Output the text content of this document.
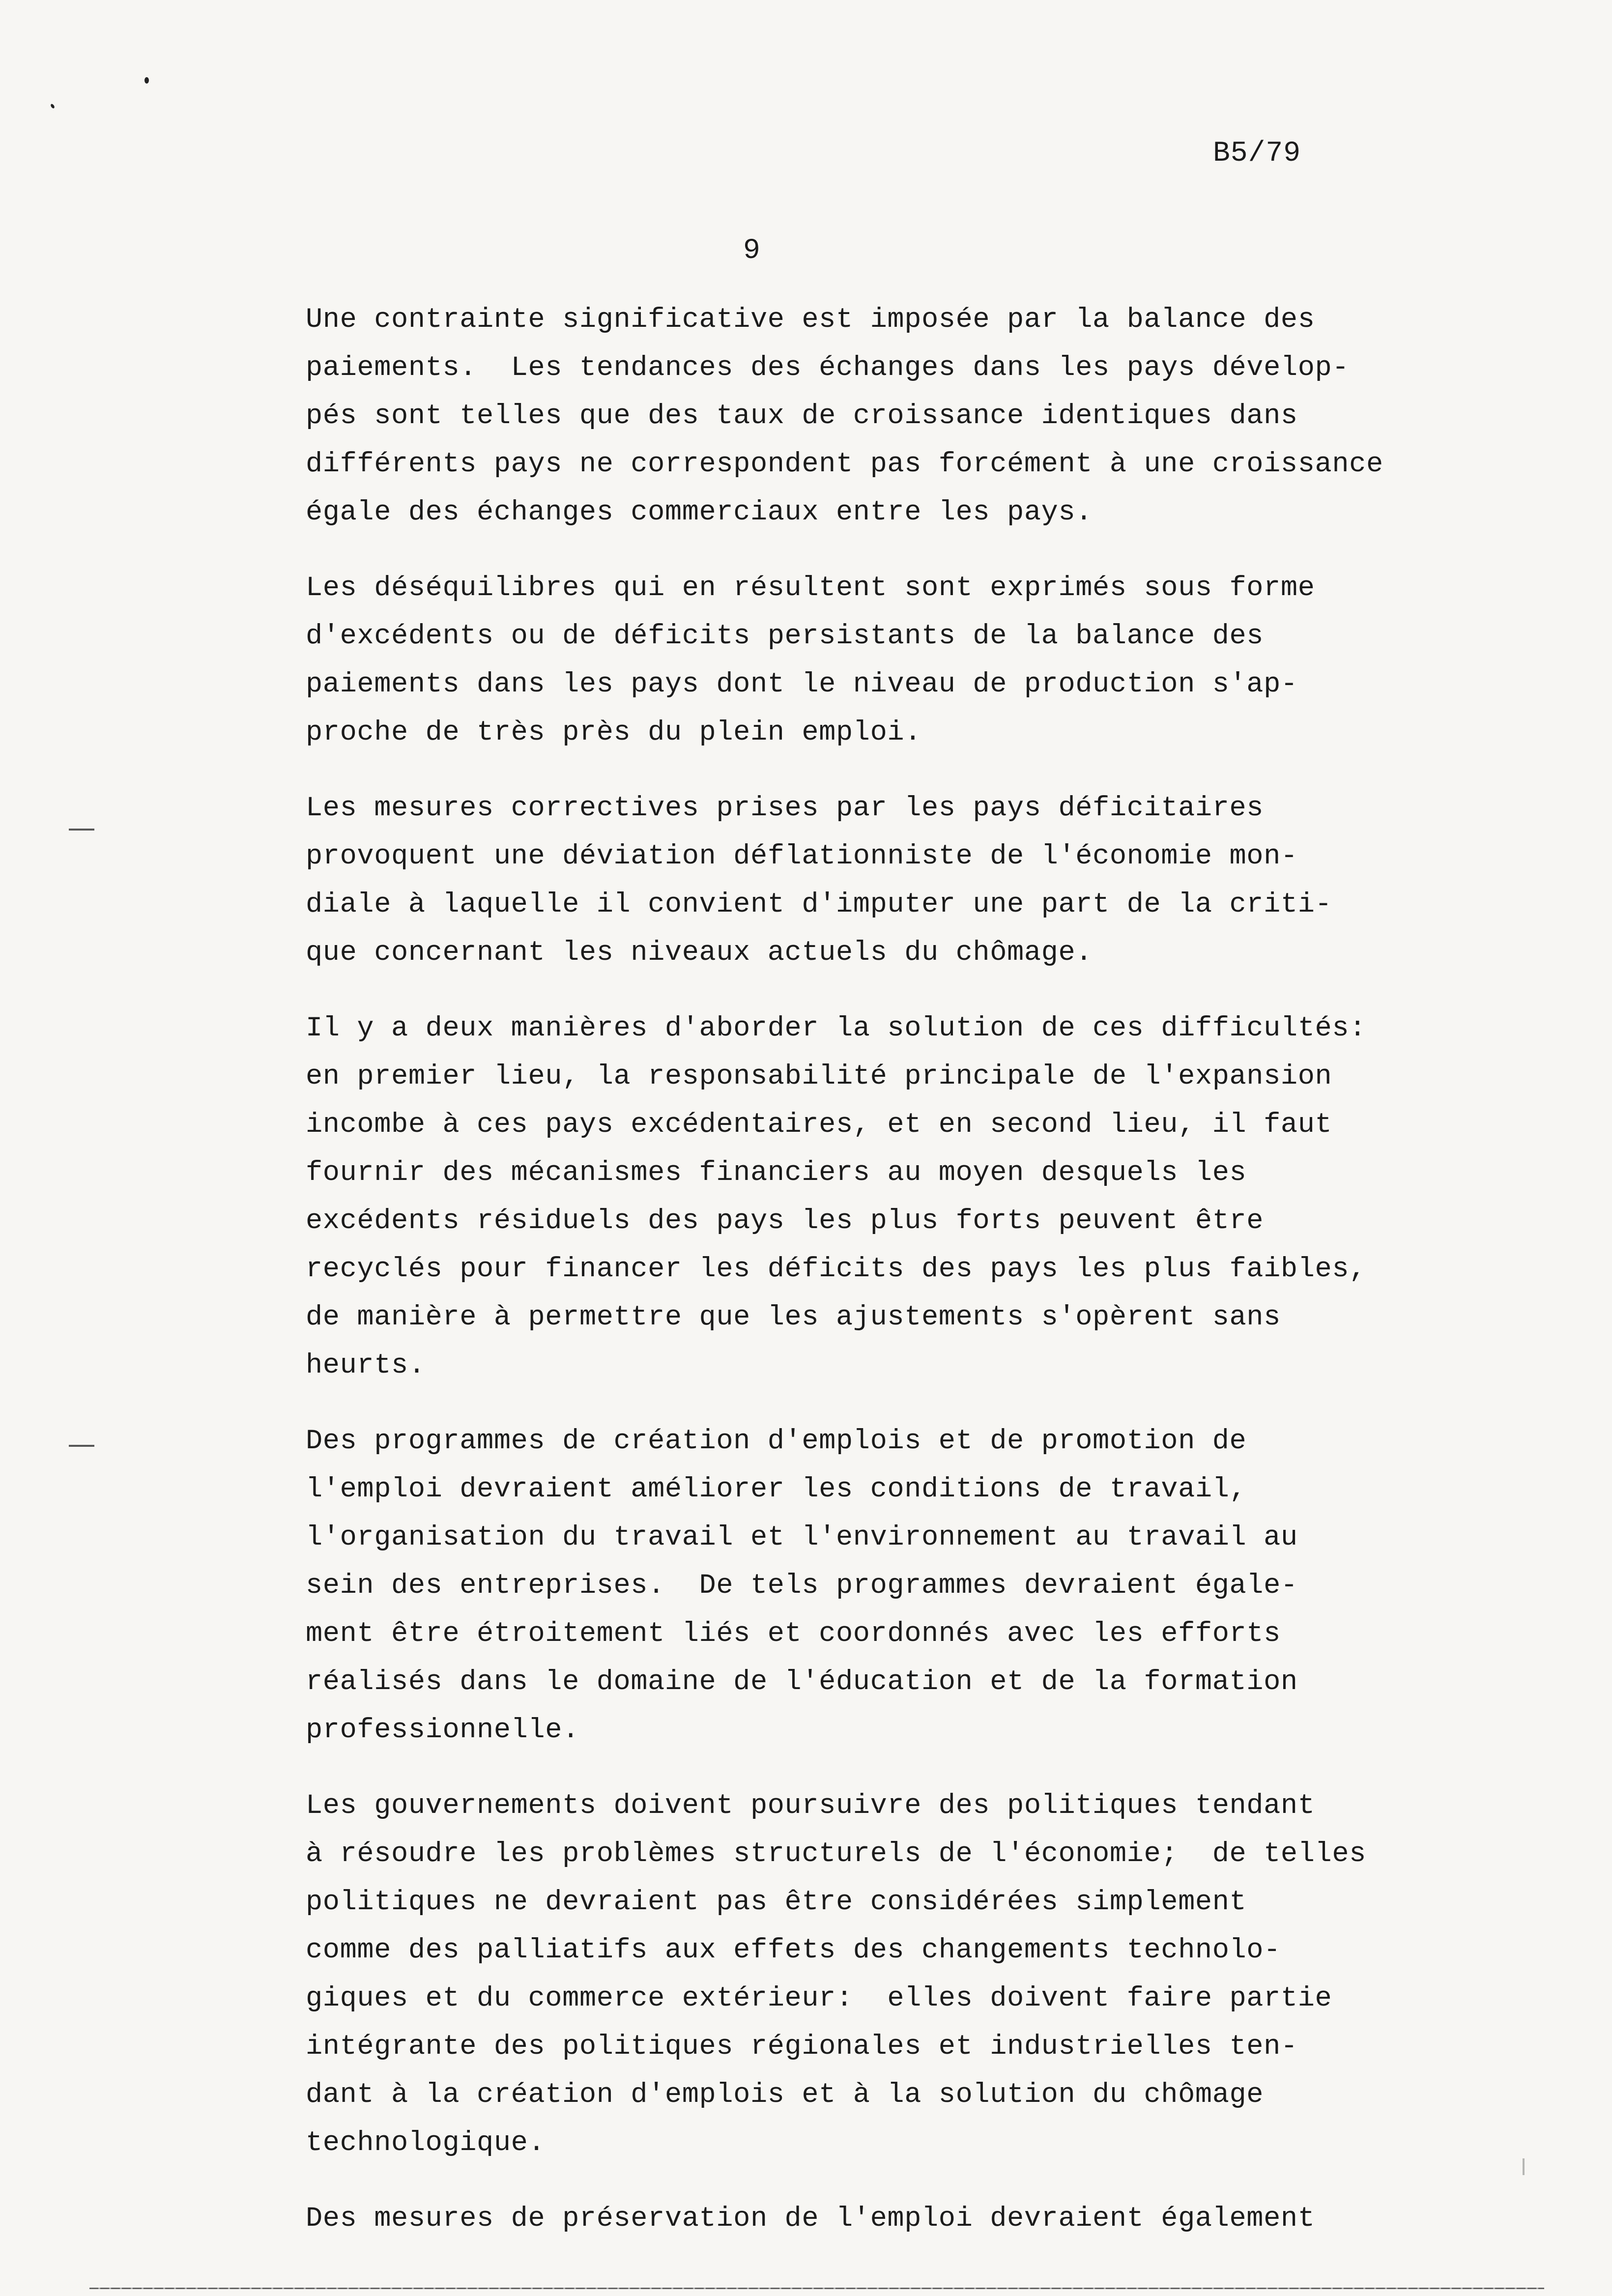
B5/79
9
Une contrainte significative est imposée par la balance des
paiements.  Les tendances des échanges dans les pays dévelop-
pés sont telles que des taux de croissance identiques dans
différents pays ne correspondent pas forcément à une croissance
égale des échanges commerciaux entre les pays.
Les déséquilibres qui en résultent sont exprimés sous forme
d'excédents ou de déficits persistants de la balance des
paiements dans les pays dont le niveau de production s'ap-
proche de très près du plein emploi.
Les mesures correctives prises par les pays déficitaires
provoquent une déviation déflationniste de l'économie mon-
diale à laquelle il convient d'imputer une part de la criti-
que concernant les niveaux actuels du chômage.
Il y a deux manières d'aborder la solution de ces difficultés:
en premier lieu, la responsabilité principale de l'expansion
incombe à ces pays excédentaires, et en second lieu, il faut
fournir des mécanismes financiers au moyen desquels les
excédents résiduels des pays les plus forts peuvent être
recyclés pour financer les déficits des pays les plus faibles,
de manière à permettre que les ajustements s'opèrent sans
heurts.
Des programmes de création d'emplois et de promotion de
l'emploi devraient améliorer les conditions de travail,
l'organisation du travail et l'environnement au travail au
sein des entreprises.  De tels programmes devraient égale-
ment être étroitement liés et coordonnés avec les efforts
réalisés dans le domaine de l'éducation et de la formation
professionnelle.
Les gouvernements doivent poursuivre des politiques tendant
à résoudre les problèmes structurels de l'économie;  de telles
politiques ne devraient pas être considérées simplement
comme des palliatifs aux effets des changements technolo-
giques et du commerce extérieur:  elles doivent faire partie
intégrante des politiques régionales et industrielles ten-
dant à la création d'emplois et à la solution du chômage
technologique.
Des mesures de préservation de l'emploi devraient également
